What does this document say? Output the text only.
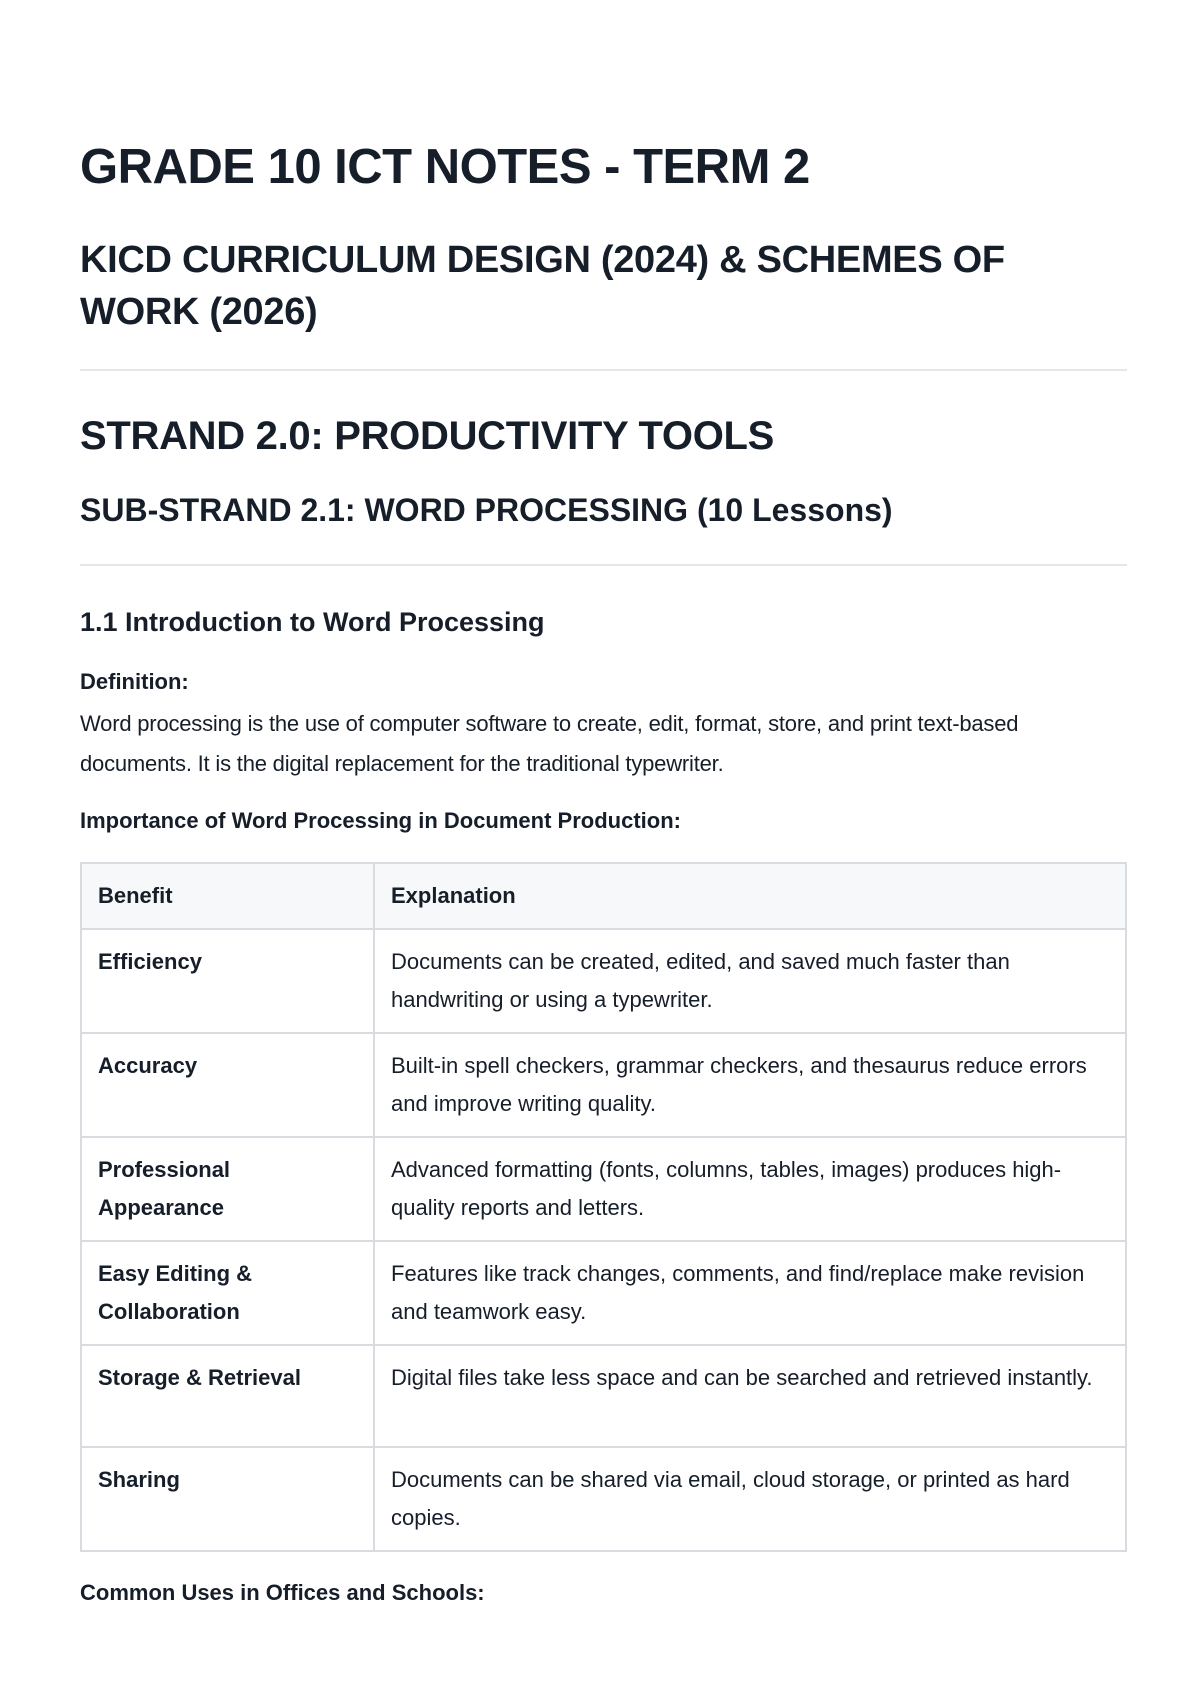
GRADE 10 ICT NOTES - TERM 2
KICD CURRICULUM DESIGN (2024) & SCHEMES OF WORK (2026)
STRAND 2.0: PRODUCTIVITY TOOLS
SUB-STRAND 2.1: WORD PROCESSING (10 Lessons)
1.1 Introduction to Word Processing

Definition:

Word processing is the use of computer software to create, edit, format, store, and print text-based documents. It is the digital replacement for the traditional typewriter.

Importance of Word Processing in Document Production:

Benefit	Explanation
Efficiency	Documents can be created, edited, and saved much faster than handwriting or using a typewriter.
Accuracy	Built-in spell checkers, grammar checkers, and thesaurus reduce errors and improve writing quality.
Professional Appearance	Advanced formatting (fonts, columns, tables, images) produces high-quality reports and letters.
Easy Editing & Collaboration	Features like track changes, comments, and find/replace make revision and teamwork easy.
Storage & Retrieval	Digital files take less space and can be searched and retrieved instantly.
Sharing	Documents can be shared via email, cloud storage, or printed as hard copies.

Common Uses in Offices and Schools:
